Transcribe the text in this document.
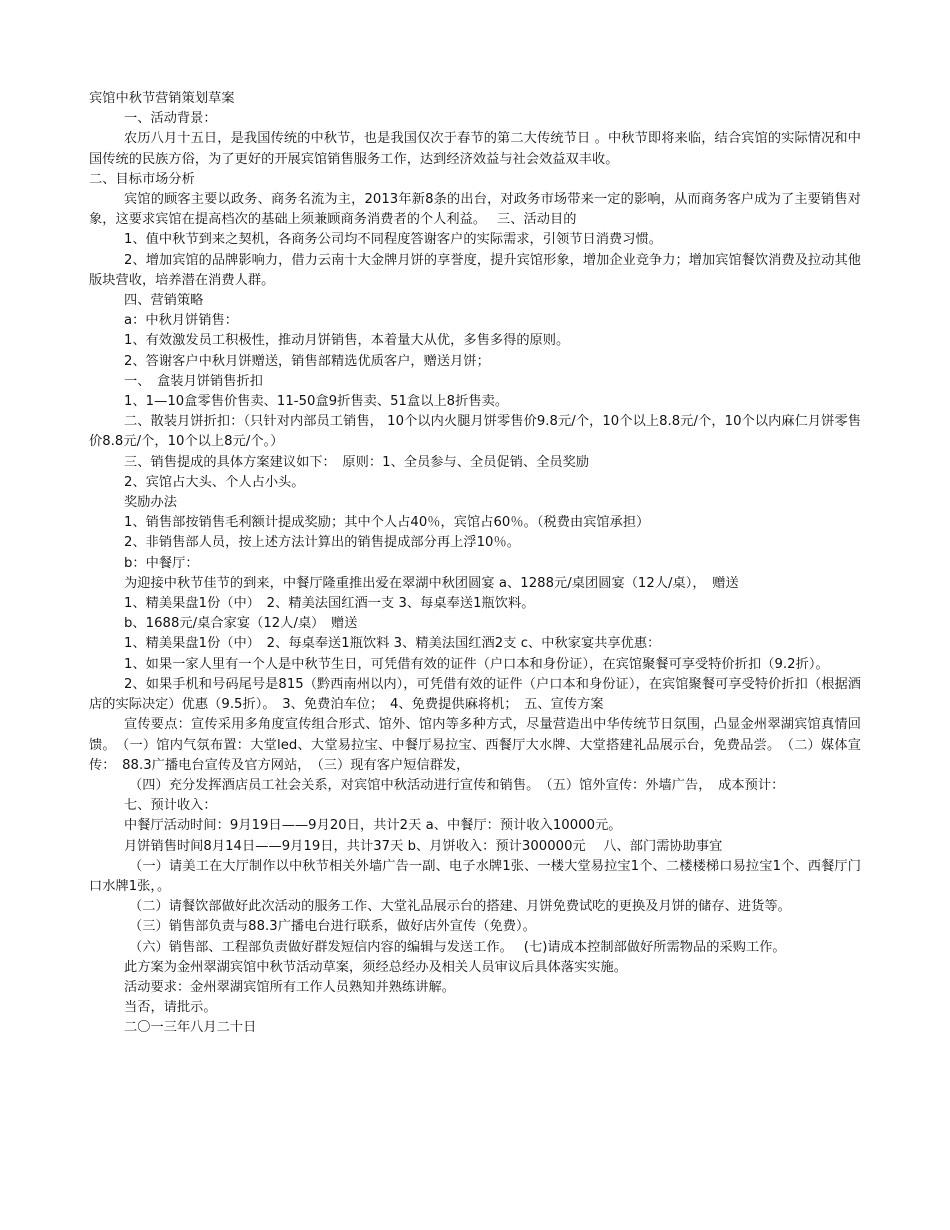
宾馆中秋节营销策划草案

一、活动背景：

农历八月十五日，是我国传统的中秋节，也是我国仅次于春节的第二大传统节日 。中秋节即将来临，结合宾馆的实际情况和中国传统的民族方俗，为了更好的开展宾馆销售服务工作，达到经济效益与社会效益双丰收。

二、目标市场分析

宾馆的顾客主要以政务、商务名流为主，2013年新8条的出台，对政务市场带来一定的影响，从而商务客户成为了主要销售对象，这要求宾馆在提高档次的基础上须兼顾商务消费者的个人利益。　 三、活动目的

1、值中秋节到来之契机，各商务公司均不同程度答谢客户的实际需求，引领节日消费习惯。

2、增加宾馆的品牌影响力，借力云南十大金牌月饼的享誉度，提升宾馆形象，增加企业竞争力；增加宾馆餐饮消费及拉动其他版块营收，培养潜在消费人群。

四、营销策略

a：中秋月饼销售：

1、有效激发员工积极性，推动月饼销售，本着量大从优，多售多得的原则。

2、答谢客户中秋月饼赠送，销售部精选优质客户，赠送月饼；

一、　盒装月饼销售折扣

1、1—10盒零售价售卖、11-50盒9折售卖、51盒以上8折售卖。

二、散装月饼折扣：（只针对内部员工销售， 10个以内火腿月饼零售价9.8元/个，10个以上8.8元/个，10个以内麻仁月饼零售价8.8元/个，10个以上8元/个。）

三、销售提成的具体方案建议如下：　原则：1、全员参与、全员促销、全员奖励

2、宾馆占大头、个人占小头。

奖励办法

1、销售部按销售毛利额计提成奖励；其中个人占40％，宾馆占60％。（税费由宾馆承担）

2、非销售部人员，按上述方法计算出的销售提成部分再上浮10％。

b：中餐厅：

为迎接中秋节佳节的到来，中餐厅隆重推出爱在翠湖中秋团圆宴 a、1288元/桌团圆宴（12人/桌），　赠送

1、精美果盘1份（中）　2、精美法国红酒一支 3、每桌奉送1瓶饮料。

b、1688元/桌合家宴（12人/桌）　赠送

1、精美果盘1份（中）　2、每桌奉送1瓶饮料 3、精美法国红酒2支 c、中秋家宴共享优惠：

1、如果一家人里有一个人是中秋节生日，可凭借有效的证件（户口本和身份证），在宾馆聚餐可享受特价折扣（9.2折）。

2、如果手机和号码尾号是815（黔西南州以内），可凭借有效的证件（户口本和身份证），在宾馆聚餐可享受特价折扣（根据酒店的实际决定）优惠（9.5折）。　3、免费泊车位；　4、免费提供麻将机；　五、宣传方案

宣传要点：宣传采用多角度宣传组合形式、馆外、馆内等多种方式，尽量营造出中华传统节日氛围，凸显金州翠湖宾馆真情回馈。　（一）馆内气氛布置：大堂led、大堂易拉宝、中餐厅易拉宝、西餐厅大水牌、大堂搭建礼品展示台，免费品尝。　（二）媒体宣传：　88.3广播电台宣传及官方网站，　（三）现有客户短信群发，

（四）充分发挥酒店员工社会关系，对宾馆中秋活动进行宣传和销售。　（五）馆外宣传：外墙广告，　成本预计：

七、预计收入：

中餐厅活动时间：9月19日——9月20日，共计2天 a、中餐厅：预计收入10000元。

月饼销售时间8月14日——9月19日，共计37天 b、月饼收入：预计300000元　 八、部门需协助事宜

（一）请美工在大厅制作以中秋节相关外墙广告一副、电子水牌1张、一楼大堂易拉宝1个、二楼楼梯口易拉宝1个、西餐厅门口水牌1张，。

（二）请餐饮部做好此次活动的服务工作、大堂礼品展示台的搭建、月饼免费试吃的更换及月饼的储存、进货等。

（三）销售部负责与88.3广播电台进行联系，做好店外宣传（免费）。

（六）销售部、工程部负责做好群发短信内容的编辑与发送工作。　 (七)请成本控制部做好所需物品的采购工作。

此方案为金州翠湖宾馆中秋节活动草案，须经总经办及相关人员审议后具体落实实施。

活动要求：金州翠湖宾馆所有工作人员熟知并熟练讲解。

当否，请批示。

二〇一三年八月二十日
